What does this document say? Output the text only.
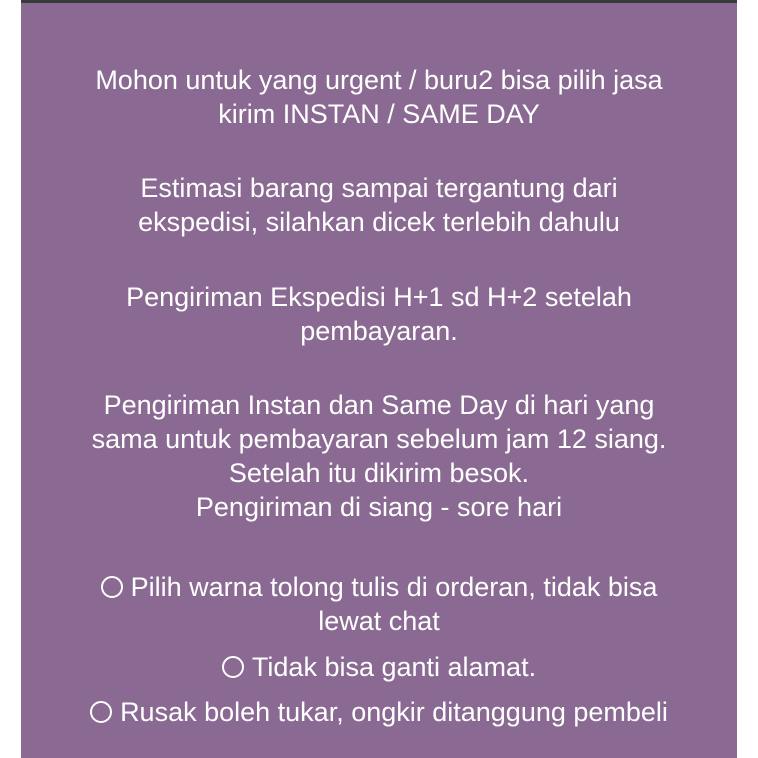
Mohon untuk yang urgent / buru2 bisa pilih jasa
kirim INSTAN / SAME DAY
Estimasi barang sampai tergantung dari
ekspedisi, silahkan dicek terlebih dahulu
Pengiriman Ekspedisi H+1 sd H+2 setelah
pembayaran.
Pengiriman Instan dan Same Day di hari yang
sama untuk pembayaran sebelum jam 12 siang.
Setelah itu dikirim besok.
Pengiriman di siang - sore hari
Pilih warna tolong tulis di orderan, tidak bisa
lewat chat
Tidak bisa ganti alamat.
Rusak boleh tukar, ongkir ditanggung pembeli
